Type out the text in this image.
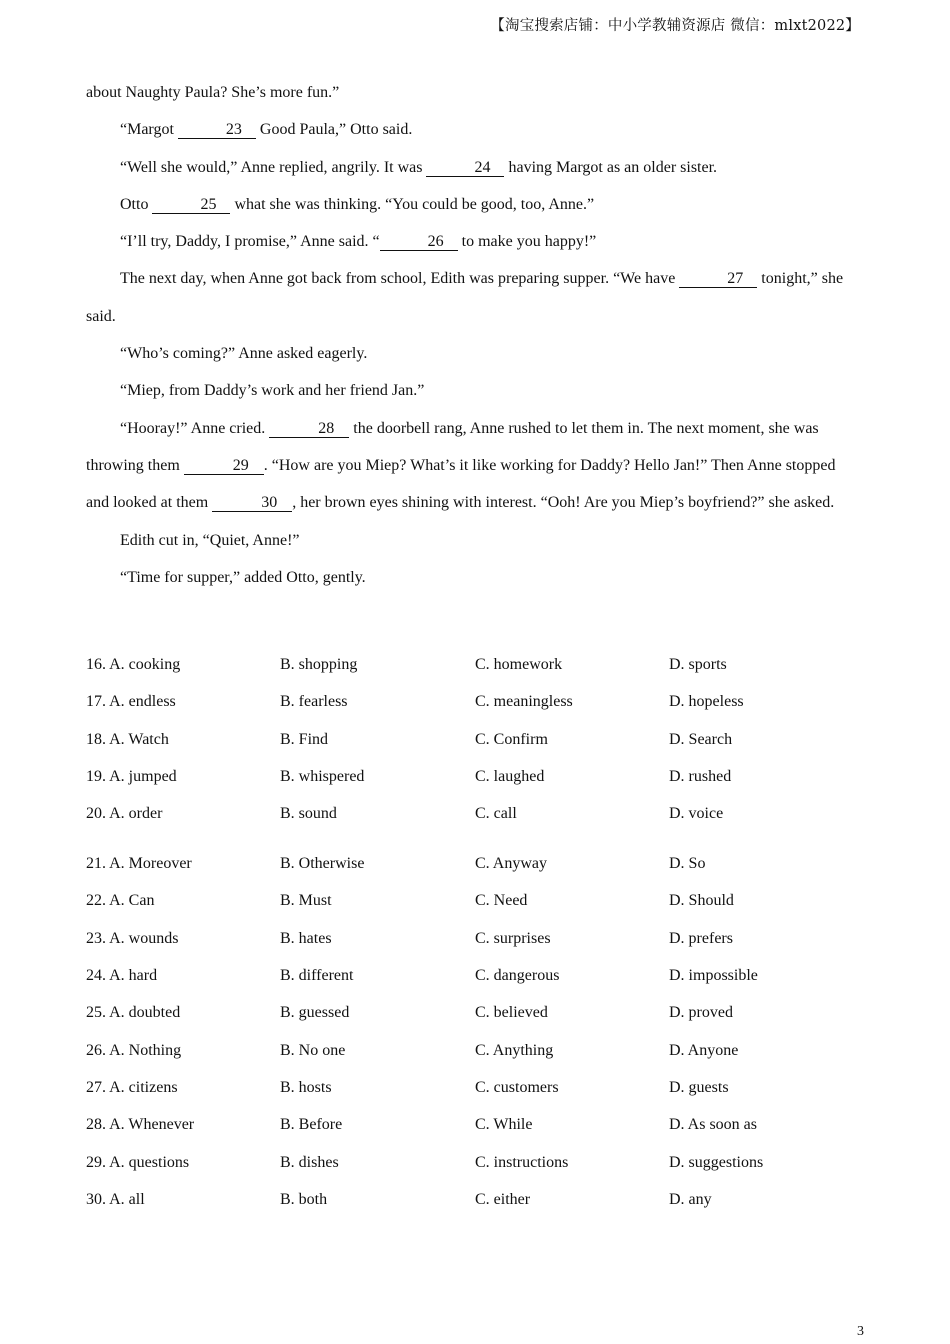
【淘宝搜索店铺：中小学教辅资源店 微信：mlxt2022】

about Naughty Paula? She’s more fun.”

“Margot	23 Good Paula,” Otto said.

“Well she would,” Anne replied, angrily. It was	24 having Margot as an older sister.

Otto	25 what she was thinking. “You could be good, too, Anne.”

“I’ll try, Daddy, I promise,” Anne said. “	26 to make you happy!”

The next day, when Anne got back from school, Edith was preparing supper. “We have	27 tonight,” she said.

“Who’s coming?” Anne asked eagerly.

“Miep, from Daddy’s work and her friend Jan.”

“Hooray!” Anne cried.	28 the doorbell rang, Anne rushed to let them in. The next moment, she was throwing them	29 . “How are you Miep? What’s it like working for Daddy? Hello Jan!” Then Anne stopped and looked at them	30 , her brown eyes shining with interest. “Ooh! Are you Miep’s boyfriend?” she asked.

Edith cut in, “Quiet, Anne!”

“Time for supper,” added Otto, gently.

16. A. cooking	B. shopping	C. homework	D. sports
17. A. endless	B. fearless	C. meaningless	D. hopeless
18. A. Watch	B. Find	C. Confirm	D. Search
19. A. jumped	B. whispered	C. laughed	D. rushed
20. A. order	B. sound	C. call	D. voice
21. A. Moreover	B. Otherwise	C. Anyway	D. So
22. A. Can	B. Must	C. Need	D. Should
23. A. wounds	B. hates	C. surprises	D. prefers
24. A. hard	B. different	C. dangerous	D. impossible
25. A. doubted	B. guessed	C. believed	D. proved
26. A. Nothing	B. No one	C. Anything	D. Anyone
27. A. citizens	B. hosts	C. customers	D. guests
28. A. Whenever	B. Before	C. While	D. As soon as
29. A. questions	B. dishes	C. instructions	D. suggestions
30. A. all	B. both	C. either	D. any
3
